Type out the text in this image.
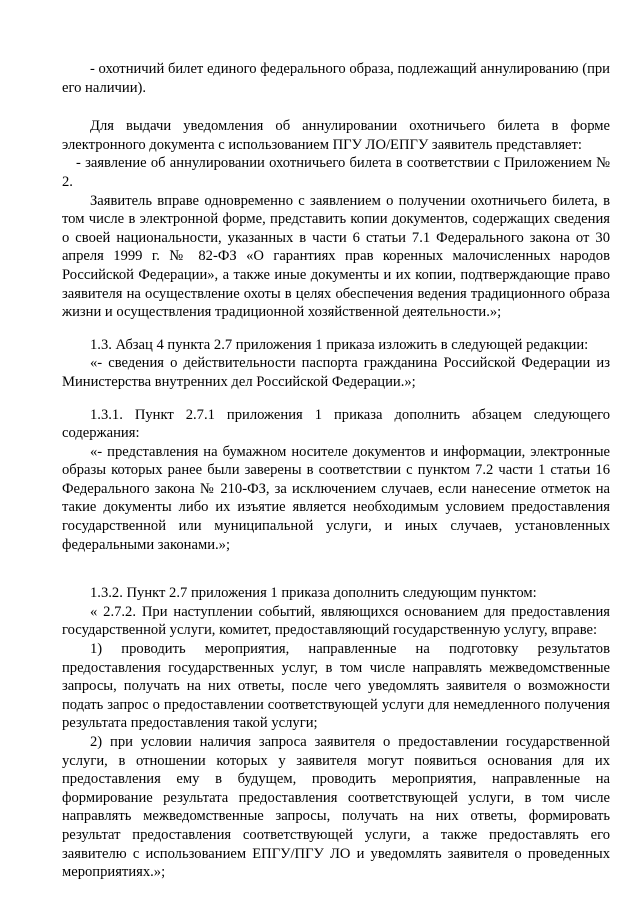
- охотничий билет единого федерального образа, подлежащий аннулированию (при его наличии).

Для выдачи уведомления об аннулировании охотничьего билета в форме электронного документа с использованием ПГУ ЛО/ЕПГУ заявитель представляет:

- заявление об аннулировании охотничьего билета в соответствии с Приложением № 2.

Заявитель вправе одновременно с заявлением о получении охотничьего билета, в том числе в электронной форме, представить копии документов, содержащих сведения о своей национальности, указанных в части 6 статьи 7.1 Федерального закона от 30 апреля 1999 г. № 82-ФЗ «О гарантиях прав коренных малочисленных народов Российской Федерации», а также иные документы и их копии, подтверждающие право заявителя на осуществление охоты в целях обеспечения ведения традиционного образа жизни и осуществления традиционной хозяйственной деятельности.»;

1.3. Абзац 4 пункта 2.7 приложения 1 приказа изложить в следующей редакции:

«- сведения о действительности паспорта гражданина Российской Федерации из Министерства внутренних дел Российской Федерации.»;

1.3.1. Пункт 2.7.1 приложения 1 приказа дополнить абзацем следующего содержания:

«- представления на бумажном носителе документов и информации, электронные образы которых ранее были заверены в соответствии с пунктом 7.2 части 1 статьи 16 Федерального закона № 210-ФЗ, за исключением случаев, если нанесение отметок на такие документы либо их изъятие является необходимым условием предоставления государственной или муниципальной услуги, и иных случаев, установленных федеральными законами.»;

1.3.2. Пункт 2.7 приложения 1 приказа дополнить следующим пунктом:

« 2.7.2. При наступлении событий, являющихся основанием для предоставления государственной услуги, комитет, предоставляющий государственную услугу, вправе:

1) проводить мероприятия, направленные на подготовку результатов предоставления государственных услуг, в том числе направлять межведомственные запросы, получать на них ответы, после чего уведомлять заявителя о возможности подать запрос о предоставлении соответствующей услуги для немедленного получения результата предоставления такой услуги;

2) при условии наличия запроса заявителя о предоставлении государственной услуги, в отношении которых у заявителя могут появиться основания для их предоставления ему в будущем, проводить мероприятия, направленные на формирование результата предоставления соответствующей услуги, в том числе направлять межведомственные запросы, получать на них ответы, формировать результат предоставления соответствующей услуги, а также предоставлять его заявителю с использованием ЕПГУ/ПГУ ЛО и уведомлять заявителя о проведенных мероприятиях.»;
